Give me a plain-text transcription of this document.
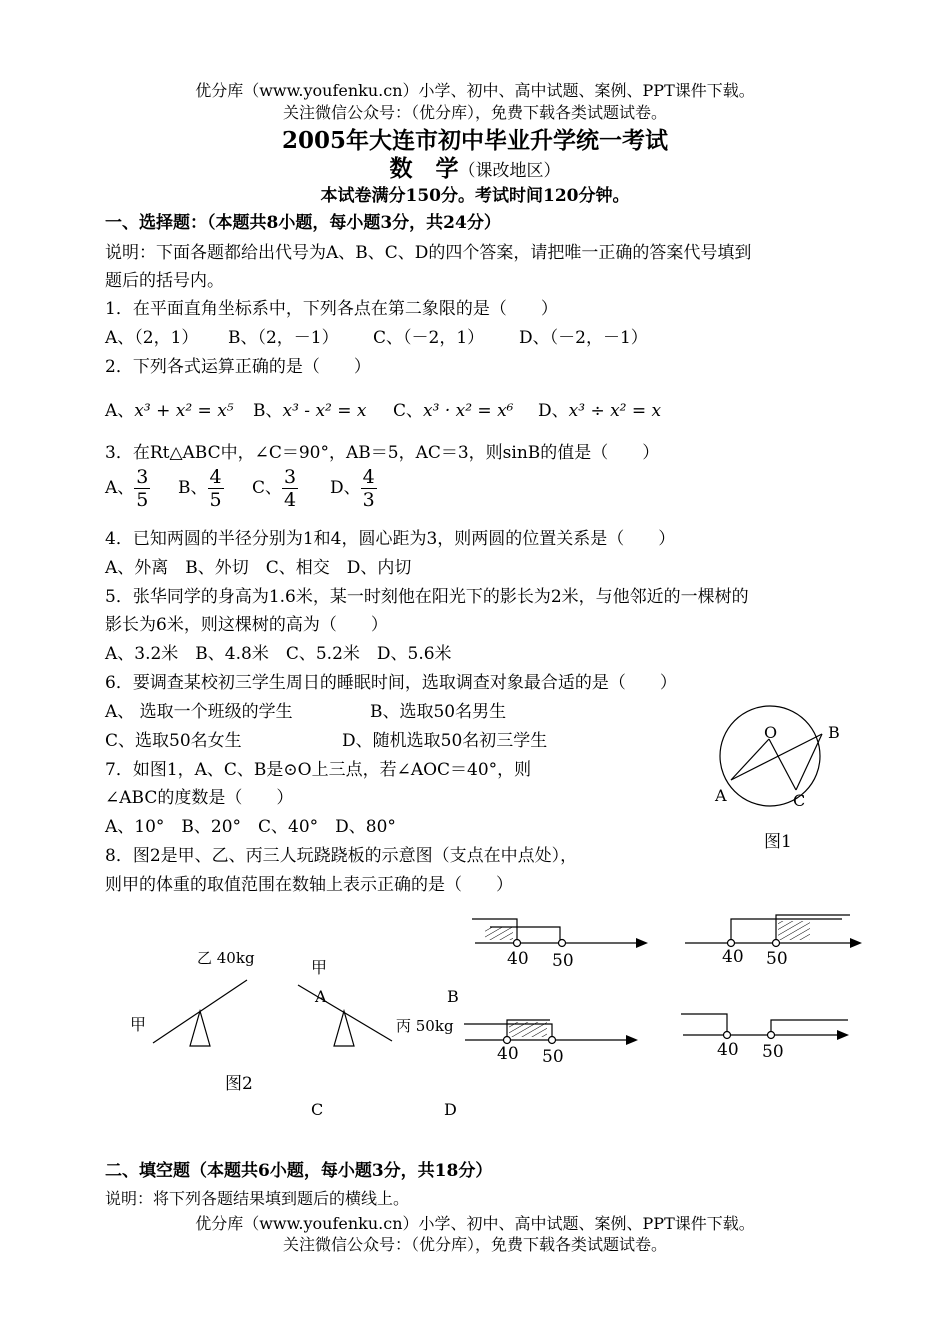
优分库（www.youfenku.cn）小学、初中、高中试题、案例、PPT课件下载。
关注微信公众号：（优分库），免费下载各类试题试卷。
2005年大连市初中毕业升学统一考试
数　学（课改地区）
本试卷满分150分。考试时间120分钟。
一、选择题：（本题共8小题，每小题3分，共24分）
说明：下面各题都给出代号为A、B、C、D的四个答案，请把唯一正确的答案代号填到
题后的括号内。
1．在平面直角坐标系中，下列各点在第二象限的是（　　）
A、（2，1） B、（2，－1） C、（－2，1） D、（－2，－1）
2．下列各式运算正确的是（　　）
A、x³ + x² = x⁵ B、x³ - x² = x C、x³ · x² = x⁶ D、x³ ÷ x² = x
3．在Rt△ABC中，∠C＝90°，AB＝5，AC＝3，则sinB的值是（　　）
A、 $\frac{3}{5}$ B、 $\frac{4}{5}$ C、 $\frac{3}{4}$ D、 $\frac{4}{3}$
4．已知两圆的半径分别为1和4，圆心距为3，则两圆的位置关系是（　　）
A、外离　B、外切　C、相交　D、内切
5．张华同学的身高为1.6米，某一时刻他在阳光下的影长为2米，与他邻近的一棵树的
影长为6米，则这棵树的高为（　　）
A、3.2米　B、4.8米　C、5.2米　D、5.6米
6．要调查某校初三学生周日的睡眠时间，选取调查对象最合适的是（　　）
A、 选取一个班级的学生	B、选取50名男生
C、选取50名女生	D、随机选取50名初三学生
7．如图1，A、C、B是⊙O上三点，若∠AOC＝40°，则
∠ABC的度数是（　　）
A、10°　B、20°　C、40°　D、80°
8．图2是甲、乙、丙三人玩跷跷板的示意图（支点在中点处），
则甲的体重的取值范围在数轴上表示正确的是（　　）
O	B
A	C
图1
乙 40kg
甲
甲
丙 50kg
图2
A	B
C	D
40 50	40 50
40 50	40 50
二、填空题（本题共6小题，每小题3分，共18分）
说明：将下列各题结果填到题后的横线上。
优分库（www.youfenku.cn）小学、初中、高中试题、案例、PPT课件下载。
关注微信公众号：（优分库），免费下载各类试题试卷。
